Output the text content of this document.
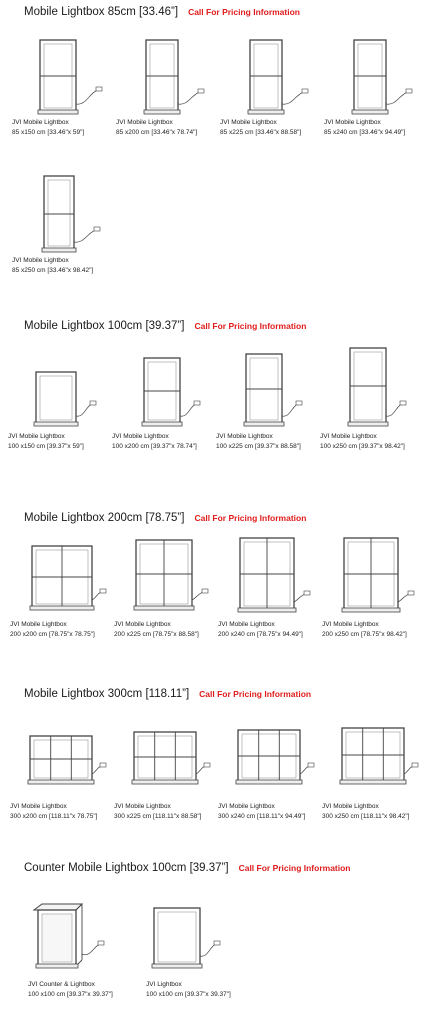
Mobile Lightbox 85cm [33.46”] Call For Pricing Information
JVI Mobile Lightbox
85 x150 cm [33.46"x 59"]
JVI Mobile Lightbox
85 x200 cm [33.46"x 78.74"]
JVI Mobile Lightbox
85 x225 cm [33.46"x 88.58"]
JVI Mobile Lightbox
85 x240 cm [33.46"x 94.49"]
JVI Mobile Lightbox
85 x250 cm [33.46"x 98.42"]
Mobile Lightbox 100cm [39.37”] Call For Pricing Information
JVI Mobile Lightbox
100 x150 cm [39.37"x 59"]
JVI Mobile Lightbox
100 x200 cm [39.37"x 78.74"]
JVI Mobile Lightbox
100 x225 cm [39.37"x 88.58"]
JVI Mobile Lightbox
100 x250 cm [39.37"x 98.42"]
Mobile Lightbox 200cm [78.75”] Call For Pricing Information
JVI Mobile Lightbox
200 x200 cm [78.75"x 78.75"]
JVI Mobile Lightbox
200 x225 cm [78.75"x 88.58"]
JVI Mobile Lightbox
200 x240 cm [78.75"x 94.49"]
JVI Mobile Lightbox
200 x250 cm [78.75"x 98.42"]
Mobile Lightbox 300cm [118.11”] Call For Pricing Information
JVI Mobile Lightbox
300 x200 cm [118.11"x 78.75"]
JVI Mobile Lightbox
300 x225 cm [118.11"x 88.58"]
JVI Mobile Lightbox
300 x240 cm [118.11"x 94.49"]
JVI Mobile Lightbox
300 x250 cm [118.11"x 98.42"]
Counter Mobile Lightbox 100cm [39.37”] Call For Pricing Information
JVI Counter & Lightbox
100 x100 cm [39.37"x 39.37"]
JVI Lightbox
100 x100 cm [39.37"x 39.37"]
